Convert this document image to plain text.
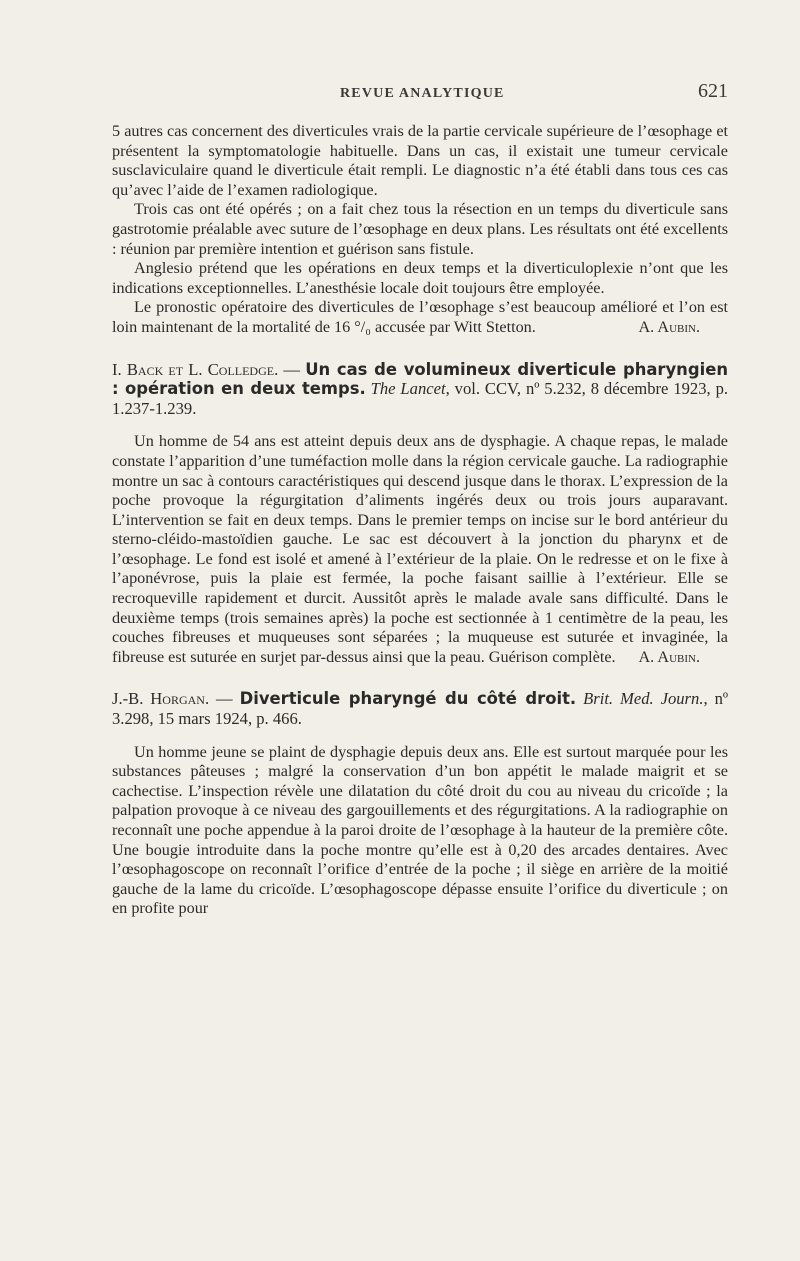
REVUE ANALYTIQUE	621

5 autres cas concernent des diverticules vrais de la partie cervicale supérieure de l’œsophage et présentent la symptomatologie habituelle. Dans un cas, il existait une tumeur cervicale susclaviculaire quand le diverticule était rempli. Le diagnostic n’a été établi dans tous ces cas qu’avec l’aide de l’examen radiologique.

Trois cas ont été opérés ; on a fait chez tous la résection en un temps du diverticule sans gastrotomie préalable avec suture de l’œsophage en deux plans. Les résultats ont été excellents : réunion par première intention et guérison sans fistule.

Anglesio prétend que les opérations en deux temps et la diverticuloplexie n’ont que les indications exceptionnelles. L’anesthésie locale doit toujours être employée.

Le pronostic opératoire des diverticules de l’œsophage s’est beaucoup amélioré et l’on est loin maintenant de la mortalité de 16 °/₀ accusée par Witt Stetton.	A. Aubin.

I. Back et L. Colledge. — Un cas de volumineux diverticule pharyngien : opération en deux temps. The Lancet, vol. CCV, nº 5.232, 8 décembre 1923, p. 1.237-1.239.

Un homme de 54 ans est atteint depuis deux ans de dysphagie. A chaque repas, le malade constate l’apparition d’une tuméfaction molle dans la région cervicale gauche. La radiographie montre un sac à contours caractéristiques qui descend jusque dans le thorax. L’expression de la poche provoque la régurgitation d’aliments ingérés deux ou trois jours auparavant. L’intervention se fait en deux temps. Dans le premier temps on incise sur le bord antérieur du sterno-cléido-mastoïdien gauche. Le sac est découvert à la jonction du pharynx et de l’œsophage. Le fond est isolé et amené à l’extérieur de la plaie. On le redresse et on le fixe à l’aponévrose, puis la plaie est fermée, la poche faisant saillie à l’extérieur. Elle se recroqueville rapidement et durcit. Aussitôt après le malade avale sans difficulté. Dans le deuxième temps (trois semaines après) la poche est sectionnée à 1 centimètre de la peau, les couches fibreuses et muqueuses sont séparées ; la muqueuse est suturée et invaginée, la fibreuse est suturée en surjet par-dessus ainsi que la peau. Guérison complète.	A. Aubin.

J.-B. Horgan. — Diverticule pharyngé du côté droit. Brit. Med. Journ., nº 3.298, 15 mars 1924, p. 466.

Un homme jeune se plaint de dysphagie depuis deux ans. Elle est surtout marquée pour les substances pâteuses ; malgré la conservation d’un bon appétit le malade maigrit et se cachectise. L’inspection révèle une dilatation du côté droit du cou au niveau du cricoïde ; la palpation provoque à ce niveau des gargouillements et des régurgitations. A la radiographie on reconnaît une poche appendue à la paroi droite de l’œsophage à la hauteur de la première côte. Une bougie introduite dans la poche montre qu’elle est à 0,20 des arcades dentaires. Avec l’œsophagoscope on reconnaît l’orifice d’entrée de la poche ; il siège en arrière de la moitié gauche de la lame du cricoïde. L’œsophagoscope dépasse ensuite l’orifice du diverticule ; on en profite pour
